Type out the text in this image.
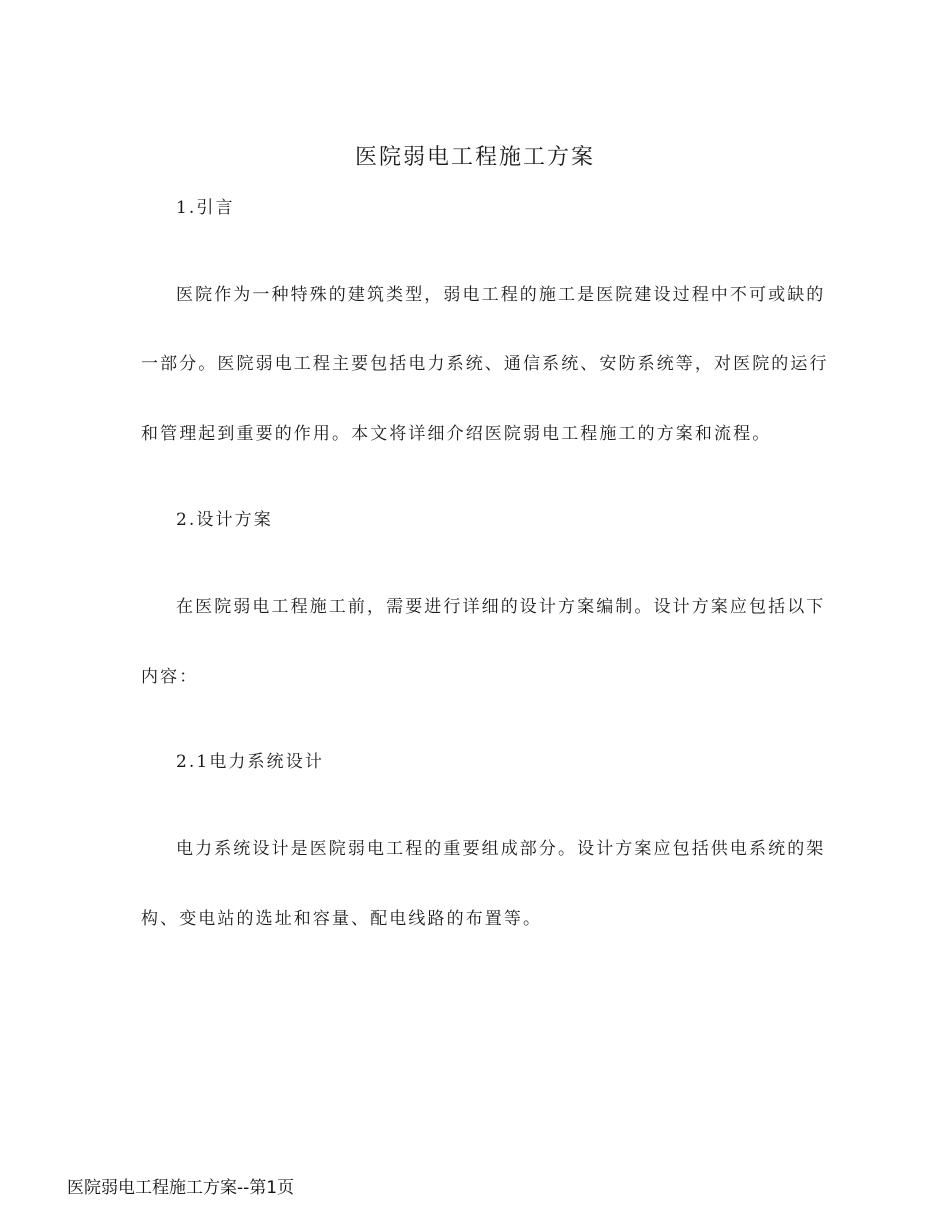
医院弱电工程施工方案
1.引言
医院作为一种特殊的建筑类型，弱电工程的施工是医院建设过程中不可或缺的
一部分。医院弱电工程主要包括电力系统、通信系统、安防系统等，对医院的运行
和管理起到重要的作用。本文将详细介绍医院弱电工程施工的方案和流程。
2.设计方案
在医院弱电工程施工前，需要进行详细的设计方案编制。设计方案应包括以下
内容：
2.1电力系统设计
电力系统设计是医院弱电工程的重要组成部分。设计方案应包括供电系统的架
构、变电站的选址和容量、配电线路的布置等。
医院弱电工程施工方案--第1页
